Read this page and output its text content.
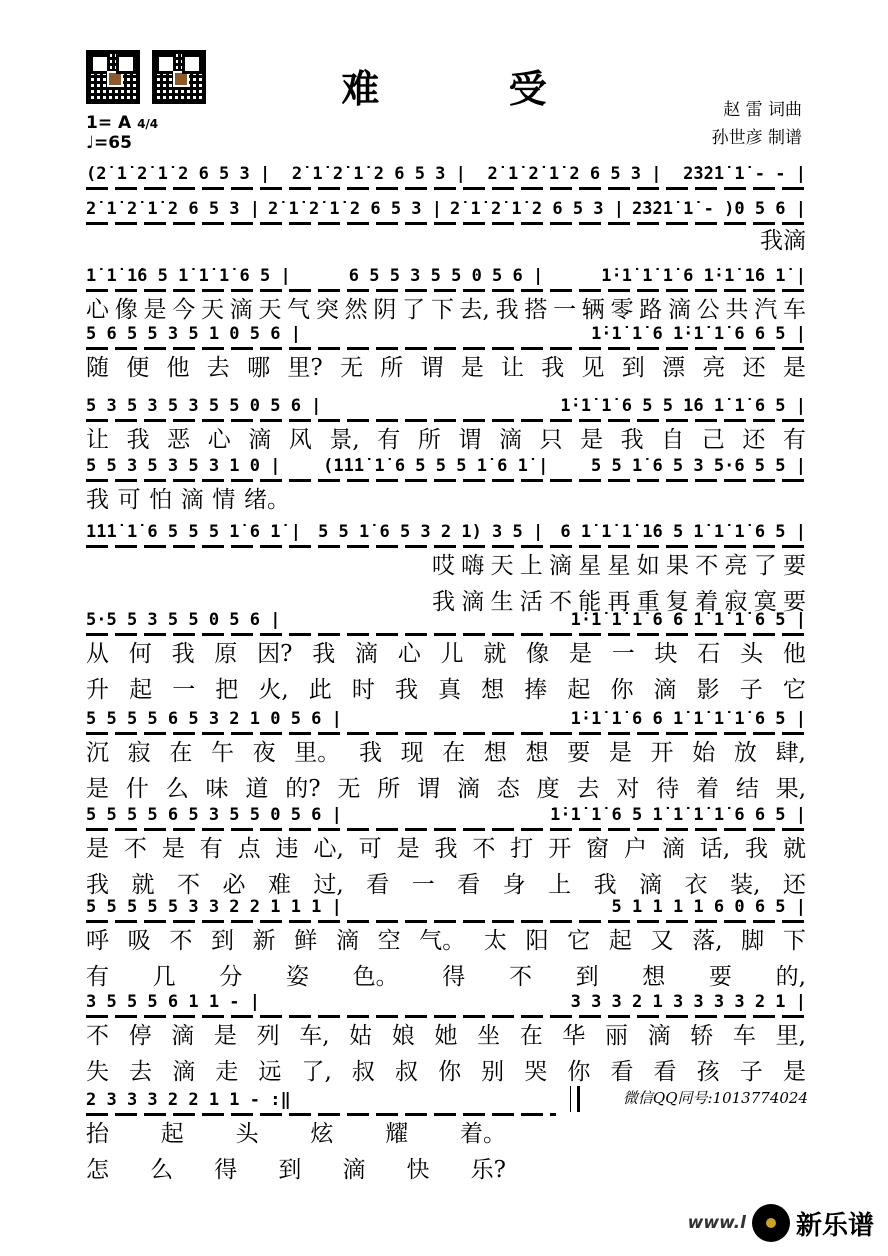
难 受	赵 雷 词曲
孙世彦 制谱
1= A 4/4
♩=65
(2̇ 1̇ 2̇ 1̇ 2 6 5 3 | 2̇ 1̇ 2̇ 1̇ 2 6 5 3 | 2̇ 1̇ 2̇ 1̇ 2 6 5 3 | 2̇3̇2̇1̇ 1̇ - - |
2̇ 1̇ 2̇ 1̇ 2 6 5 3 | 2̇ 1̇ 2̇ 1̇ 2 6 5 3 | 2̇ 1̇ 2̇ 1̇ 2 6 5 3 | 2̇3̇2̇1̇ 1̇ - )0 5 6 |
我 滴
1̇ 1̇ 1̇6 5 1̇ 1̇ 1̇ 6 5 |	6 5 5 3 5 5 0 5 6 |	1̇·1̇ 1̇ 1̇ 6 1̇·1̇ 1̇6 1̇ |
心 像 是 今 天 滴 天 气 突 然 阴 了 下 去, 我 搭 一 辆 零 路 滴 公 共 汽 车
5 6 5 5 3 5 1 0 5 6 |	1̇·1̇ 1̇ 6 1̇·1̇ 1̇ 6 6 5 |
随 便 他 去 哪 里? 无 所 谓 是 让 我 见 到 漂 亮 还 是
5 3 5 3 5 3 5 5 0 5 6 |	1̇·1̇ 1̇ 6 5 5 1̇6 1̇ 1̇ 6 5 |
让 我 恶 心 滴 风 景, 有 所 谓 滴 只 是 我 自 己 还 有
5 5 3 5 3 5 3 1 0 |	(1̇1̇1̇ 1̇ 6 5 5 5 1̇ 6 1̇ |	5 5 1̇ 6 5 3 5·6 5 5 |
我 可 怕 滴 情 绪。
1̇1̇1̇ 1̇ 6 5 5 5 1̇ 6 1̇ | 5 5 1̇ 6 5 3 2 1) 3 5 | 6 1̇ 1̇ 1̇ 1̇6 5 1̇ 1̇ 1̇ 6 5 |
哎 嗨 天 上 滴 星 星 如 果 不 亮 了 要
我 滴 生 活 不 能 再 重 复 着 寂 寞 要
5·5 5 3 5 5 0 5 6 |	1̇·1̇ 1̇ 1̇ 6 6 1̇ 1̇ 1̇ 6 5 |
从 何 我 原 因? 我 滴 心 儿 就 像 是 一 块 石 头 他
升 起 一 把 火, 此 时 我 真 想 捧 起 你 滴 影 子 它
5 5 5 5 6 5 3 2 1 0 5 6 |	1̇·1̇ 1̇ 6 6 1̇ 1̇ 1̇ 1̇ 6 5 |
沉 寂 在 午 夜 里。 我 现 在 想 想 要 是 开 始 放 肆,
是 什 么 味 道 的? 无 所 谓 滴 态 度 去 对 待 着 结 果,
5 5 5 5 6 5 3 5 5 0 5 6 |	1̇·1̇ 1̇ 6 5 1̇ 1̇ 1̇ 1̇ 6 6 5 |
是 不 是 有 点 违 心, 可 是 我 不 打 开 窗 户 滴 话, 我 就
我 就 不 必 难 过, 看 一 看 身 上 我 滴 衣 装, 还
5 5 5 5 5 3 3 2 2 1 1 1 |	5 1 1 1 1 6 0 6 5 |
呼 吸 不 到 新 鲜 滴 空 气。 太 阳 它 起 又 落, 脚 下
有 几 分 姿 色。 得 不 到 想 要 的,
3 5 5 5 6 1 1 - |	3 3 3 2 1 3 3 3 3 2 1 |
不 停 滴 是 列 车, 姑 娘 她 坐 在 华 丽 滴 轿 车 里,
失 去 滴 走 远 了, 叔 叔 你 别 哭 你 看 看 孩 子 是
2 3 3 3 2 2 1 1 - :‖
抬 起 头 炫 耀 着。
怎 么 得 到 滴 快 乐?
微信QQ同号:1013774024
www.l 新乐谱
